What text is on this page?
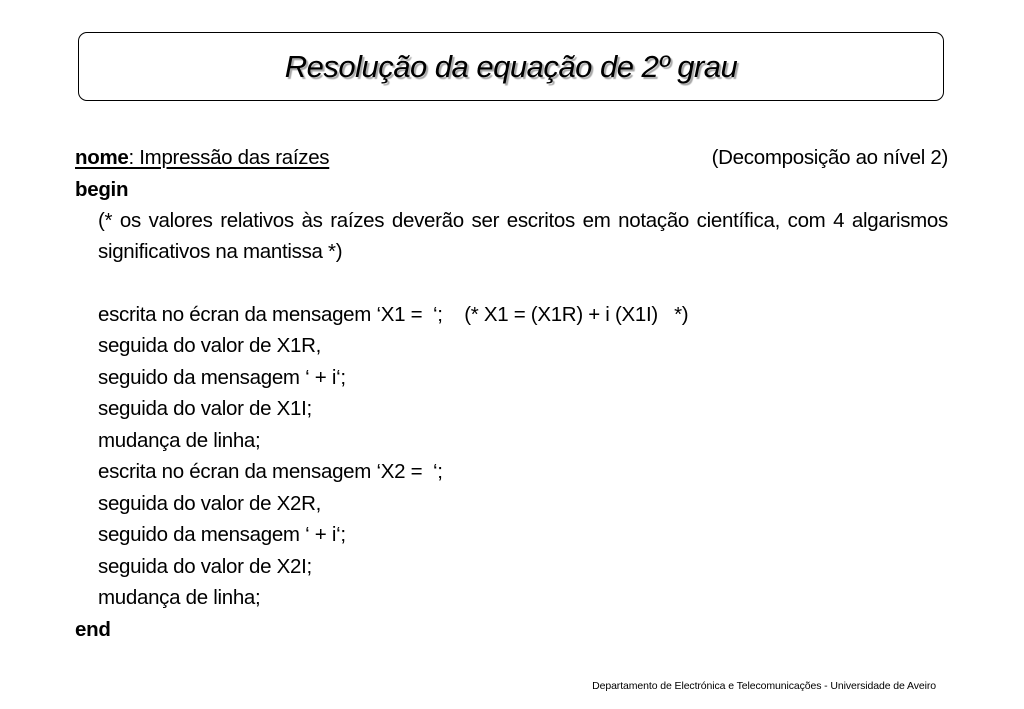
Resolução da equação de 2º grau
nome: Impressão das raízes	(Decomposição ao nível 2)
begin
(* os valores relativos às raízes deverão ser escritos em notação científica, com 4 algarismos significativos na mantissa *)
escrita no écran da mensagem ‘X1 =  ‘;    (* X1 = (X1R) + i (X1I)   *)
seguida do valor de X1R,
seguido da mensagem ‘ + i‘;
seguida do valor de X1I;
mudança de linha;
escrita no écran da mensagem ‘X2 =  ‘;
seguida do valor de X2R,
seguido da mensagem ‘ + i‘;
seguida do valor de X2I;
mudança de linha;
end
Departamento de Electrónica e Telecomunicações - Universidade de Aveiro
